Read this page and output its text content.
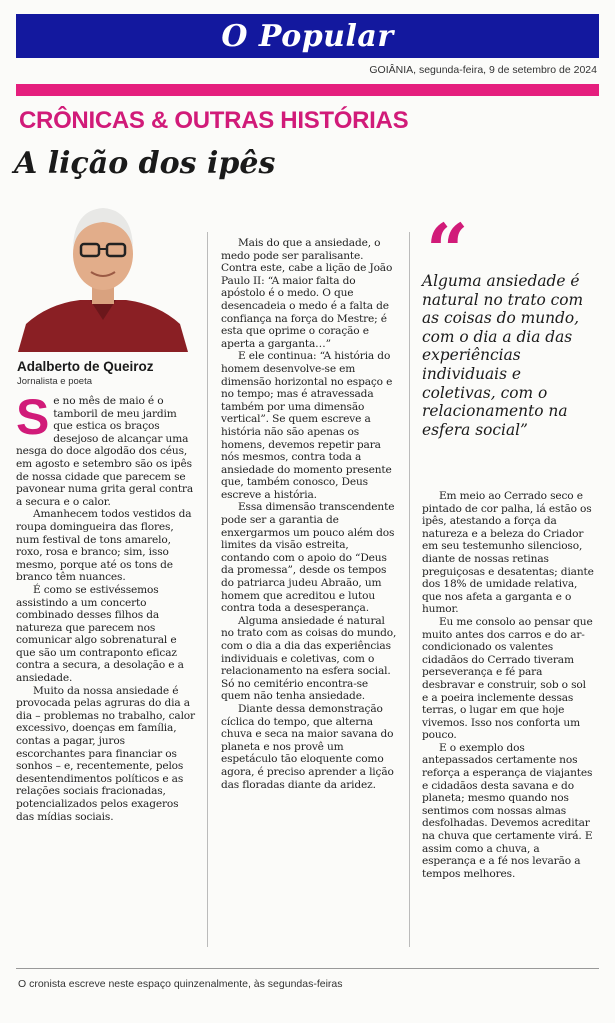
O Popular
GOIÂNIA, segunda-feira, 9 de setembro de 2024
CRÔNICAS & OUTRAS HISTÓRIAS
A lição dos ipês
Adalberto de Queiroz
Jornalista e poeta

Se no mês de maio é o tamboril de meu jardim que estica os braços desejoso de alcançar uma nesga do doce algodão dos céus, em agosto e setembro são os ipês de nossa cidade que parecem se pavonear numa grita geral contra a secura e o calor.

Amanhecem todos vestidos da roupa domingueira das flores, num festival de tons amarelo, roxo, rosa e branco; sim, isso mesmo, porque até os tons de branco têm nuances.

É como se estivéssemos assistindo a um concerto combinado desses filhos da natureza que parecem nos comunicar algo sobrenatural e que são um contraponto eficaz contra a secura, a desolação e a ansiedade.

Muito da nossa ansiedade é provocada pelas agruras do dia a dia – problemas no trabalho, calor excessivo, doenças em família, contas a pagar, juros escorchantes para financiar os sonhos – e, recentemente, pelos desentendimentos políticos e as relações sociais fracionadas, potencializados pelos exageros das mídias sociais.

Mais do que a ansiedade, o medo pode ser paralisante. Contra este, cabe a lição de João Paulo II: “A maior falta do apóstolo é o medo. O que desencadeia o medo é a falta de confiança na força do Mestre; é esta que oprime o coração e aperta a garganta…”

E ele continua: “A história do homem desenvolve-se em dimensão horizontal no espaço e no tempo; mas é atravessada também por uma dimensão vertical”. Se quem escreve a história não são apenas os homens, devemos repetir para nós mesmos, contra toda a ansiedade do momento presente que, também conosco, Deus escreve a história.

Essa dimensão transcendente pode ser a garantia de enxergarmos um pouco além dos limites da visão estreita, contando com o apoio do “Deus da promessa”, desde os tempos do patriarca judeu Abraão, um homem que acreditou e lutou contra toda a desesperança.

Alguma ansiedade é natural no trato com as coisas do mundo, com o dia a dia das experiências individuais e coletivas, com o relacionamento na esfera social. Só no cemitério encontra-se quem não tenha ansiedade.

Diante dessa demonstração cíclica do tempo, que alterna chuva e seca na maior savana do planeta e nos provê um espetáculo tão eloquente como agora, é preciso aprender a lição das floradas diante da aridez.

“
Alguma ansiedade é natural no trato com as coisas do mundo, com o dia a dia das experiências individuais e coletivas, com o relacionamento na esfera social”

Em meio ao Cerrado seco e pintado de cor palha, lá estão os ipês, atestando a força da natureza e a beleza do Criador em seu testemunho silencioso, diante de nossas retinas preguiçosas e desatentas; diante dos 18% de umidade relativa, que nos afeta a garganta e o humor.

Eu me consolo ao pensar que muito antes dos carros e do ar-condicionado os valentes cidadãos do Cerrado tiveram perseverança e fé para desbravar e construir, sob o sol e a poeira inclemente dessas terras, o lugar em que hoje vivemos. Isso nos conforta um pouco.

E o exemplo dos antepassados certamente nos reforça a esperança de viajantes e cidadãos desta savana e do planeta; mesmo quando nos sentimos com nossas almas desfolhadas. Devemos acreditar na chuva que certamente virá. E assim como a chuva, a esperança e a fé nos levarão a tempos melhores.

O cronista escreve neste espaço quinzenalmente, às segundas-feiras
